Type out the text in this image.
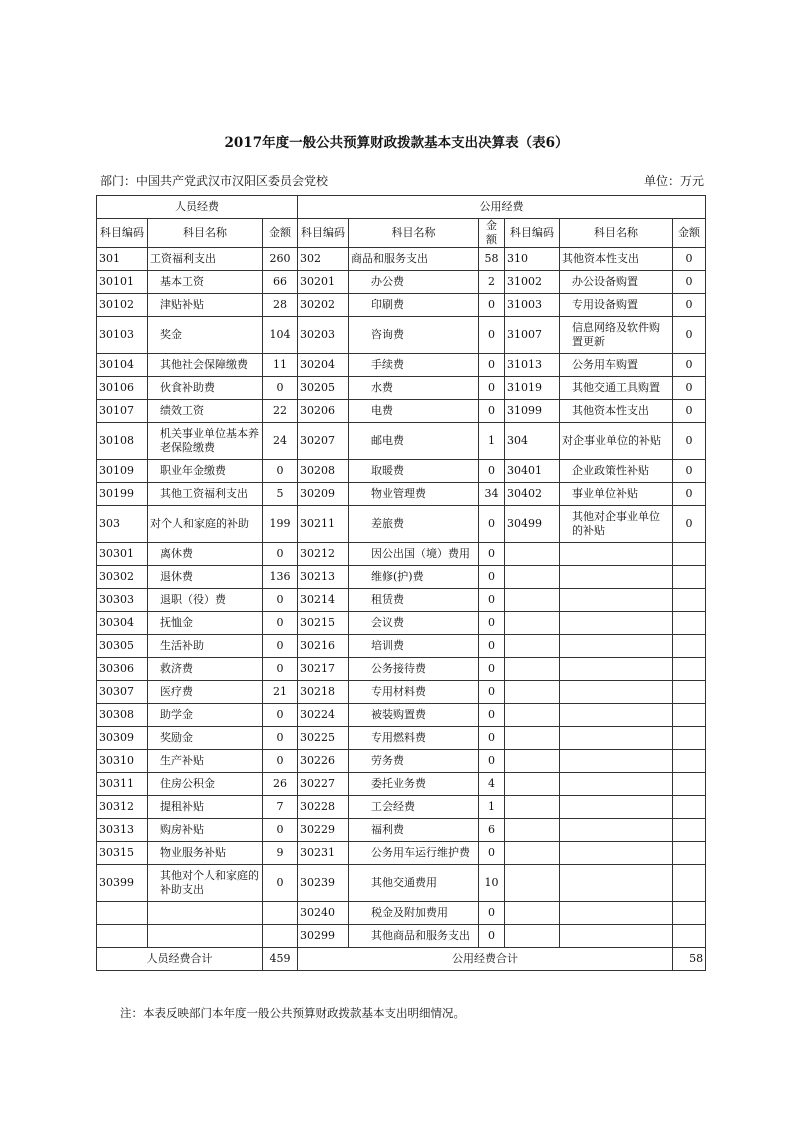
2017年度一般公共预算财政拨款基本支出决算表（表6）
部门：中国共产党武汉市汉阳区委员会党校	单位：万元
人员经费			公用经费					
科目编码	科目名称	金额	科目编码	科目名称	金额	科目编码	科目名称	金额
301	工资福利支出	260	302	商品和服务支出	58	310	其他资本性支出	0
30101	基本工资	66	30201	办公费	2	31002	办公设备购置	0
30102	津贴补贴	28	30202	印刷费	0	31003	专用设备购置	0
30103	奖金	104	30203	咨询费	0	31007	信息网络及软件购置更新	0
30104	其他社会保障缴费	11	30204	手续费	0	31013	公务用车购置	0
30106	伙食补助费	0	30205	水费	0	31019	其他交通工具购置	0
30107	绩效工资	22	30206	电费	0	31099	其他资本性支出	0
30108	机关事业单位基本养老保险缴费	24	30207	邮电费	1	304	对企事业单位的补贴	0
30109	职业年金缴费	0	30208	取暖费	0	30401	企业政策性补贴	0
30199	其他工资福利支出	5	30209	物业管理费	34	30402	事业单位补贴	0
303	对个人和家庭的补助	199	30211	差旅费	0	30499	其他对企事业单位的补贴	0
30301	离休费	0	30212	因公出国（境）费用	0			
30302	退休费	136	30213	维修(护)费	0			
30303	退职（役）费	0	30214	租赁费	0			
30304	抚恤金	0	30215	会议费	0			
30305	生活补助	0	30216	培训费	0			
30306	救济费	0	30217	公务接待费	0			
30307	医疗费	21	30218	专用材料费	0			
30308	助学金	0	30224	被装购置费	0			
30309	奖励金	0	30225	专用燃料费	0			
30310	生产补贴	0	30226	劳务费	0			
30311	住房公积金	26	30227	委托业务费	4			
30312	提租补贴	7	30228	工会经费	1			
30313	购房补贴	0	30229	福利费	6			
30315	物业服务补贴	9	30231	公务用车运行维护费	0			
30399	其他对个人和家庭的补助支出	0	30239	其他交通费用	10			
			30240	税金及附加费用	0			
			30299	其他商品和服务支出	0			
人员经费合计		459	公用经费合计					58
注：本表反映部门本年度一般公共预算财政拨款基本支出明细情况。
